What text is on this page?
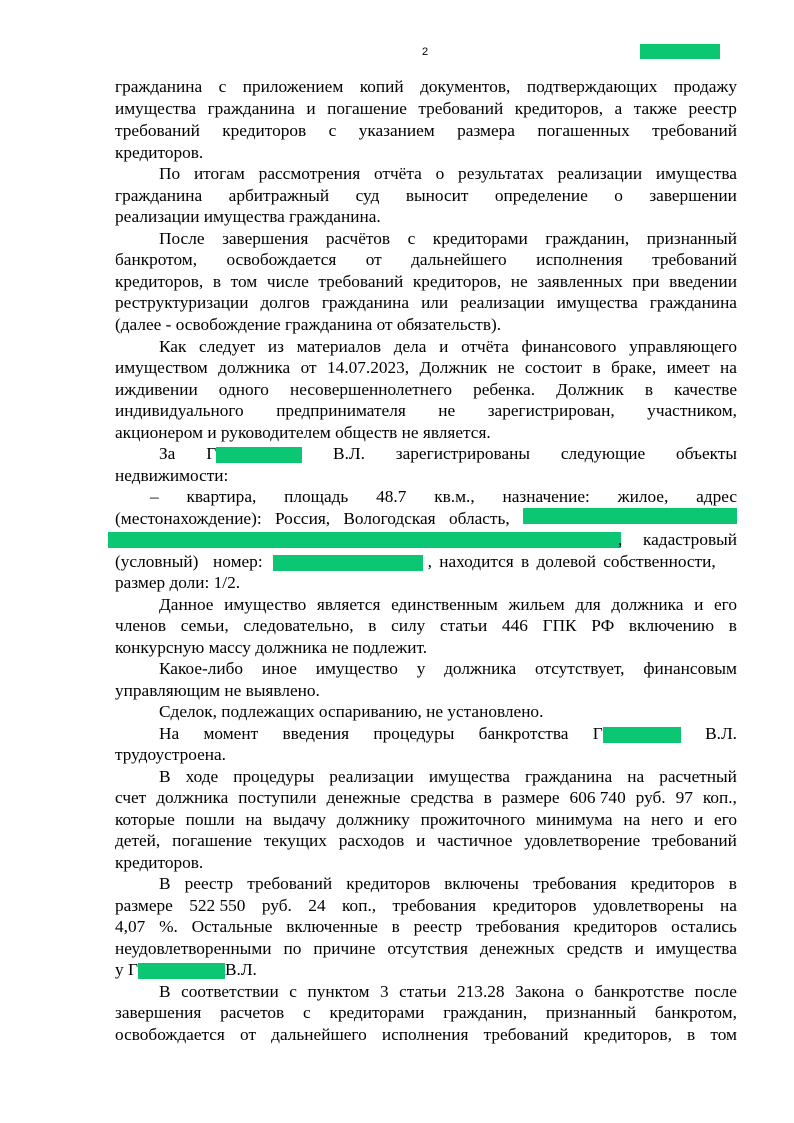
2
гражданина с приложением копий документов, подтверждающих продажу
имущества гражданина и погашение требований кредиторов, а также реестр
требований кредиторов с указанием размера погашенных требований
кредиторов.
По итогам рассмотрения отчёта о результатах реализации имущества
гражданина арбитражный суд выносит определение о завершении
реализации имущества гражданина.
После завершения расчётов с кредиторами гражданин, признанный
банкротом, освобождается от дальнейшего исполнения требований
кредиторов, в том числе требований кредиторов, не заявленных при введении
реструктуризации долгов гражданина или реализации имущества гражданина
(далее - освобождение гражданина от обязательств).
Как следует из материалов дела и отчёта финансового управляющего
имуществом должника от 14.07.2023, Должник не состоит в браке, имеет на
иждивении одного несовершеннолетнего ребенка. Должник в качестве
индивидуального предпринимателя не зарегистрирован, участником,
акционером и руководителем обществ не является.
За Г	В.Л. зарегистрированы следующие объекты
недвижимости:
– квартира, площадь 48.7 кв.м., назначение: жилое, адрес
(местонахождение): Россия, Вологодская область,
, кадастровый
(условный) номер:	, находится в долевой собственности,
размер доли: 1/2.
Данное имущество является единственным жильем для должника и его
членов семьи, следовательно, в силу статьи 446 ГПК РФ включению в
конкурсную массу должника не подлежит.
Какое-либо иное имущество у должника отсутствует, финансовым
управляющим не выявлено.
Сделок, подлежащих оспариванию, не установлено.
На момент введения процедуры банкротства Г	В.Л.
трудоустроена.
В ходе процедуры реализации имущества гражданина на расчетный
счет должника поступили денежные средства в размере 606 740 руб. 97 коп.,
которые пошли на выдачу должнику прожиточного минимума на него и его
детей, погашение текущих расходов и частичное удовлетворение требований
кредиторов.
В реестр требований кредиторов включены требования кредиторов в
размере 522 550 руб. 24 коп., требования кредиторов удовлетворены на
4,07 %. Остальные включенные в реестр требования кредиторов остались
неудовлетворенными по причине отсутствия денежных средств и имущества
у Г	В.Л.
В соответствии с пунктом 3 статьи 213.28 Закона о банкротстве после
завершения расчетов с кредиторами гражданин, признанный банкротом,
освобождается от дальнейшего исполнения требований кредиторов, в том
